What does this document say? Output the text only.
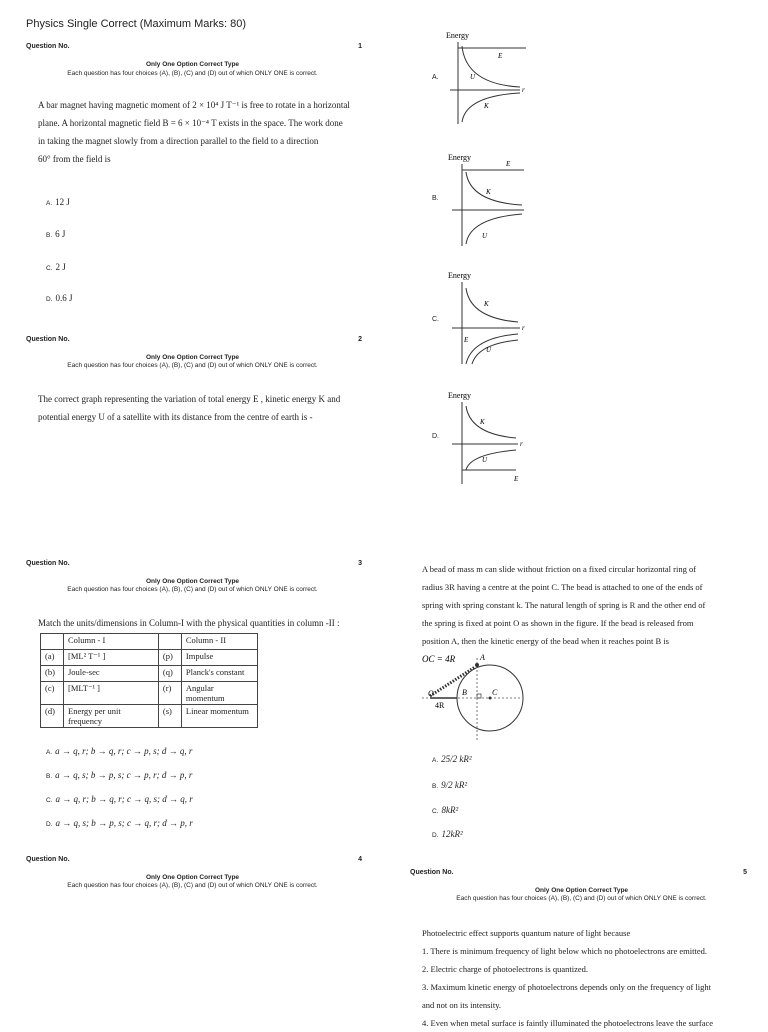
Physics Single Correct (Maximum Marks: 80)
Question No.	1
Only One Option Correct Type
Each question has four choices (A), (B), (C) and (D) out of which ONLY ONE is correct.
A bar magnet having magnetic moment of 2 × 10⁴ J T⁻¹ is free to rotate in a horizontal
plane. A horizontal magnetic field B = 6 × 10⁻⁴ T exists in the space. The work done
in taking the magnet slowly from a direction parallel to the field to a direction
60° from the field is
A. 12 J
B. 6 J
C. 2 J
D. 0.6 J
Question No.	2
Only One Option Correct Type
Each question has four choices (A), (B), (C) and (D) out of which ONLY ONE is correct.
The correct graph representing the variation of total energy E , kinetic energy K and
potential energy U of a satellite with its distance from the centre of earth is -
A.
Energy
E
U
K
r
B.
Energy
E
K
U
C.
Energy
K
E
U
r
D.
Energy
K
U
r
E
Question No.	3
Only One Option Correct Type
Each question has four choices (A), (B), (C) and (D) out of which ONLY ONE is correct.
Match the units/dimensions in Column-I with the physical quantities in column -II :
	Column - I		Column - II
(a)	[ML² T⁻¹ ]	(p)	Impulse
(b)	Joule-sec	(q)	Planck's constant
(c)	[MLT⁻¹ ]	(r)	Angular momentum
(d)	Energy per unit frequency	(s)	Linear momentum
A. a → q, r; b → q, r; c → p, s; d → q, r
B. a → q, s; b → p, s; c → p, r; d → p, r
C. a → q, r; b → q, r; c → q, s; d → q, r
D. a → q, s; b → p, s; c → q, r; d → p, r
Question No.	4
Only One Option Correct Type
Each question has four choices (A), (B), (C) and (D) out of which ONLY ONE is correct.
A bead of mass m can slide without friction on a fixed circular horizontal ring of
radius 3R having a centre at the point C. The bead is attached to one of the ends of
spring with spring constant k. The natural length of spring is R and the other end of
the spring is fixed at point O as shown in the figure. If the bead is released from
position A, then the kinetic energy of the bead when it reaches point B is
OC = 4R	A
B	C
O
4R
A. 25/2 kR²
B. 9/2 kR²
C. 8kR²
D. 12kR²
Question No.	5
Only One Option Correct Type
Each question has four choices (A), (B), (C) and (D) out of which ONLY ONE is correct.
Photoelectric effect supports quantum nature of light because
1. There is minimum frequency of light below which no photoelectrons are emitted.
2. Electric charge of photoelectrons is quantized.
3. Maximum kinetic energy of photoelectrons depends only on the frequency of light
and not on its intensity.
4. Even when metal surface is faintly illuminated the photoelectrons leave the surface
